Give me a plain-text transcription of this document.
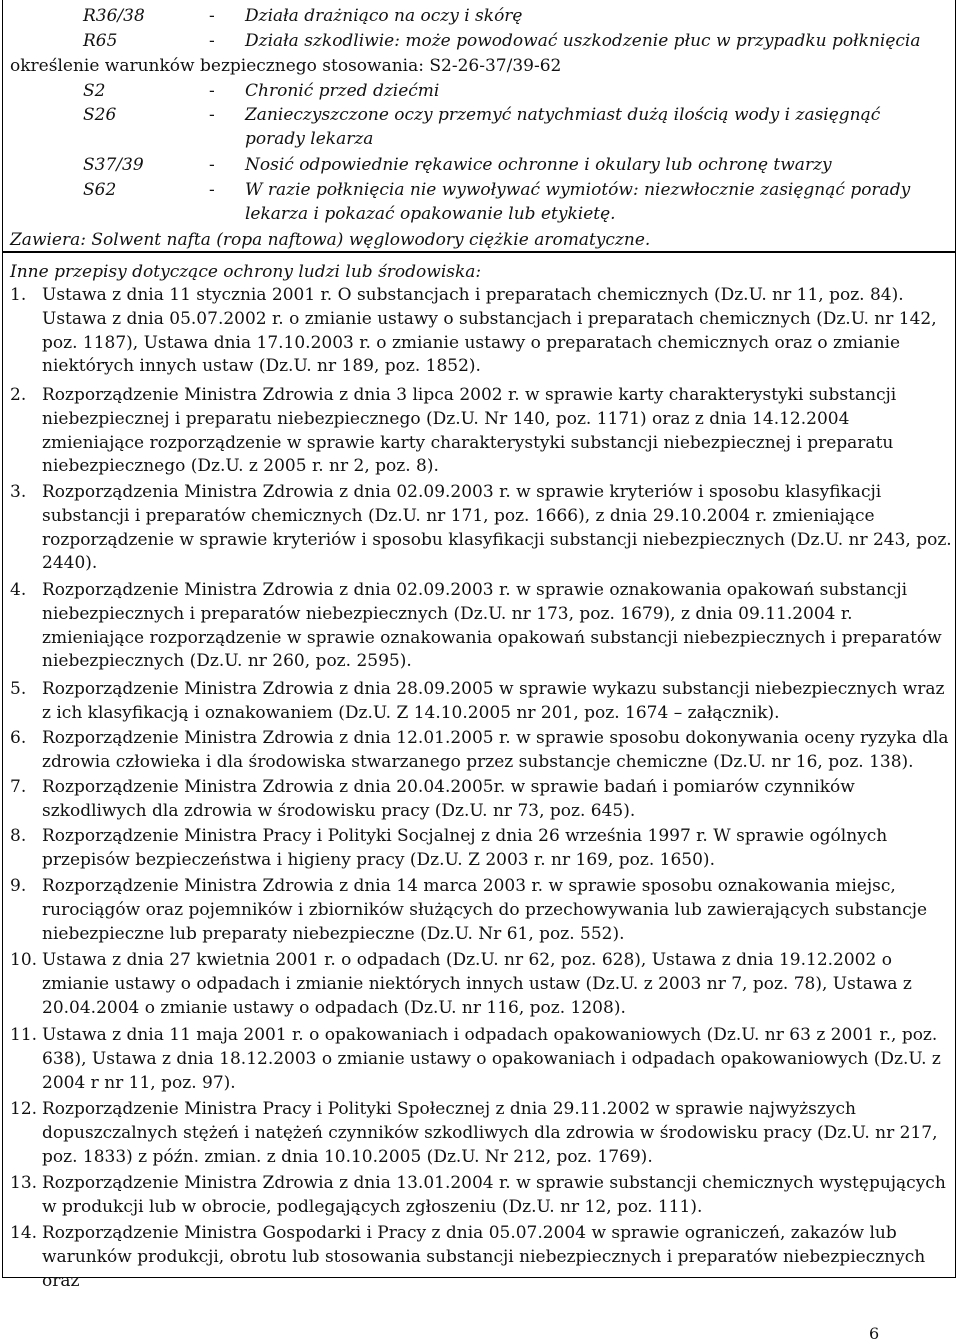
R36/38	- Działa drażniąco na oczy i skórę
R65	- Działa szkodliwie: może powodować uszkodzenie płuc w przypadku połknięcia
określenie warunków bezpiecznego stosowania: S2-26-37/39-62
S2	- Chronić przed dziećmi
S26	- Zanieczyszczone oczy przemyć natychmiast dużą ilością wody i zasięgnąć porady lekarza
S37/39	- Nosić odpowiednie rękawice ochronne i okulary lub ochronę twarzy
S62	- W razie połknięcia nie wywoływać wymiotów: niezwłocznie zasięgnąć porady lekarza i pokazać opakowanie lub etykietę.
Zawiera: Solwent nafta (ropa naftowa) węglowodory ciężkie aromatyczne.
Inne przepisy dotyczące ochrony ludzi lub środowiska:
1. Ustawa z dnia 11 stycznia 2001 r. O substancjach i preparatach chemicznych (Dz.U. nr 11, poz. 84). Ustawa z dnia 05.07.2002 r. o zmianie ustawy o substancjach i preparatach chemicznych (Dz.U. nr 142, poz. 1187), Ustawa dnia 17.10.2003 r. o zmianie ustawy o preparatach chemicznych oraz o zmianie niektórych innych ustaw (Dz.U. nr 189, poz. 1852).
2. Rozporządzenie Ministra Zdrowia z dnia 3 lipca 2002 r. w sprawie karty charakterystyki substancji niebezpiecznej i preparatu niebezpiecznego (Dz.U. Nr 140, poz. 1171) oraz z dnia 14.12.2004 zmieniające rozporządzenie w sprawie karty charakterystyki substancji niebezpiecznej i preparatu niebezpiecznego (Dz.U. z 2005 r. nr 2, poz. 8).
3. Rozporządzenia Ministra Zdrowia z dnia 02.09.2003 r. w sprawie kryteriów i sposobu klasyfikacji substancji i preparatów chemicznych (Dz.U. nr 171, poz. 1666), z dnia 29.10.2004 r. zmieniające rozporządzenie w sprawie kryteriów i sposobu klasyfikacji substancji niebezpiecznych (Dz.U. nr 243, poz. 2440).
4. Rozporządzenie Ministra Zdrowia z dnia 02.09.2003 r. w sprawie oznakowania opakowań substancji niebezpiecznych i preparatów niebezpiecznych (Dz.U. nr 173, poz. 1679), z dnia 09.11.2004 r. zmieniające rozporządzenie w sprawie oznakowania opakowań substancji niebezpiecznych i preparatów niebezpiecznych (Dz.U. nr 260, poz. 2595).
5. Rozporządzenie Ministra Zdrowia z dnia 28.09.2005 w sprawie wykazu substancji niebezpiecznych wraz z ich klasyfikacją i oznakowaniem (Dz.U. Z 14.10.2005 nr 201, poz. 1674 – załącznik).
6. Rozporządzenie Ministra Zdrowia z dnia 12.01.2005 r. w sprawie sposobu dokonywania oceny ryzyka dla zdrowia człowieka i dla środowiska stwarzanego przez substancje chemiczne (Dz.U. nr 16, poz. 138).
7. Rozporządzenie Ministra Zdrowia z dnia 20.04.2005r. w sprawie badań i pomiarów czynników szkodliwych dla zdrowia w środowisku pracy (Dz.U. nr 73, poz. 645).
8. Rozporządzenie Ministra Pracy i Polityki Socjalnej z dnia 26 września 1997 r. W sprawie ogólnych przepisów bezpieczeństwa i higieny pracy (Dz.U. Z 2003 r. nr 169, poz. 1650).
9. Rozporządzenie Ministra Zdrowia z dnia 14 marca 2003 r. w sprawie sposobu oznakowania miejsc, rurociągów oraz pojemników i zbiorników służących do przechowywania lub zawierających substancje niebezpieczne lub preparaty niebezpieczne (Dz.U. Nr 61, poz. 552).
10. Ustawa z dnia 27 kwietnia 2001 r. o odpadach (Dz.U. nr 62, poz. 628), Ustawa z dnia 19.12.2002 o zmianie ustawy o odpadach i zmianie niektórych innych ustaw (Dz.U. z 2003 nr 7, poz. 78), Ustawa z 20.04.2004 o zmianie ustawy o odpadach (Dz.U. nr 116, poz. 1208).
11. Ustawa z dnia 11 maja 2001 r. o opakowaniach i odpadach opakowaniowych (Dz.U. nr 63 z 2001 r., poz. 638), Ustawa z dnia 18.12.2003 o zmianie ustawy o opakowaniach i odpadach opakowaniowych (Dz.U. z 2004 r nr 11, poz. 97).
12. Rozporządzenie Ministra Pracy i Polityki Społecznej z dnia 29.11.2002 w sprawie najwyższych dopuszczalnych stężeń i natężeń czynników szkodliwych dla zdrowia w środowisku pracy (Dz.U. nr 217, poz. 1833) z późn. zmian. z dnia 10.10.2005 (Dz.U. Nr 212, poz. 1769).
13. Rozporządzenie Ministra Zdrowia z dnia 13.01.2004 r. w sprawie substancji chemicznych występujących w produkcji lub w obrocie, podlegających zgłoszeniu (Dz.U. nr 12, poz. 111).
14. Rozporządzenie Ministra Gospodarki i Pracy z dnia 05.07.2004 w sprawie ograniczeń, zakazów lub warunków produkcji, obrotu lub stosowania substancji niebezpiecznych i preparatów niebezpiecznych oraz
6
